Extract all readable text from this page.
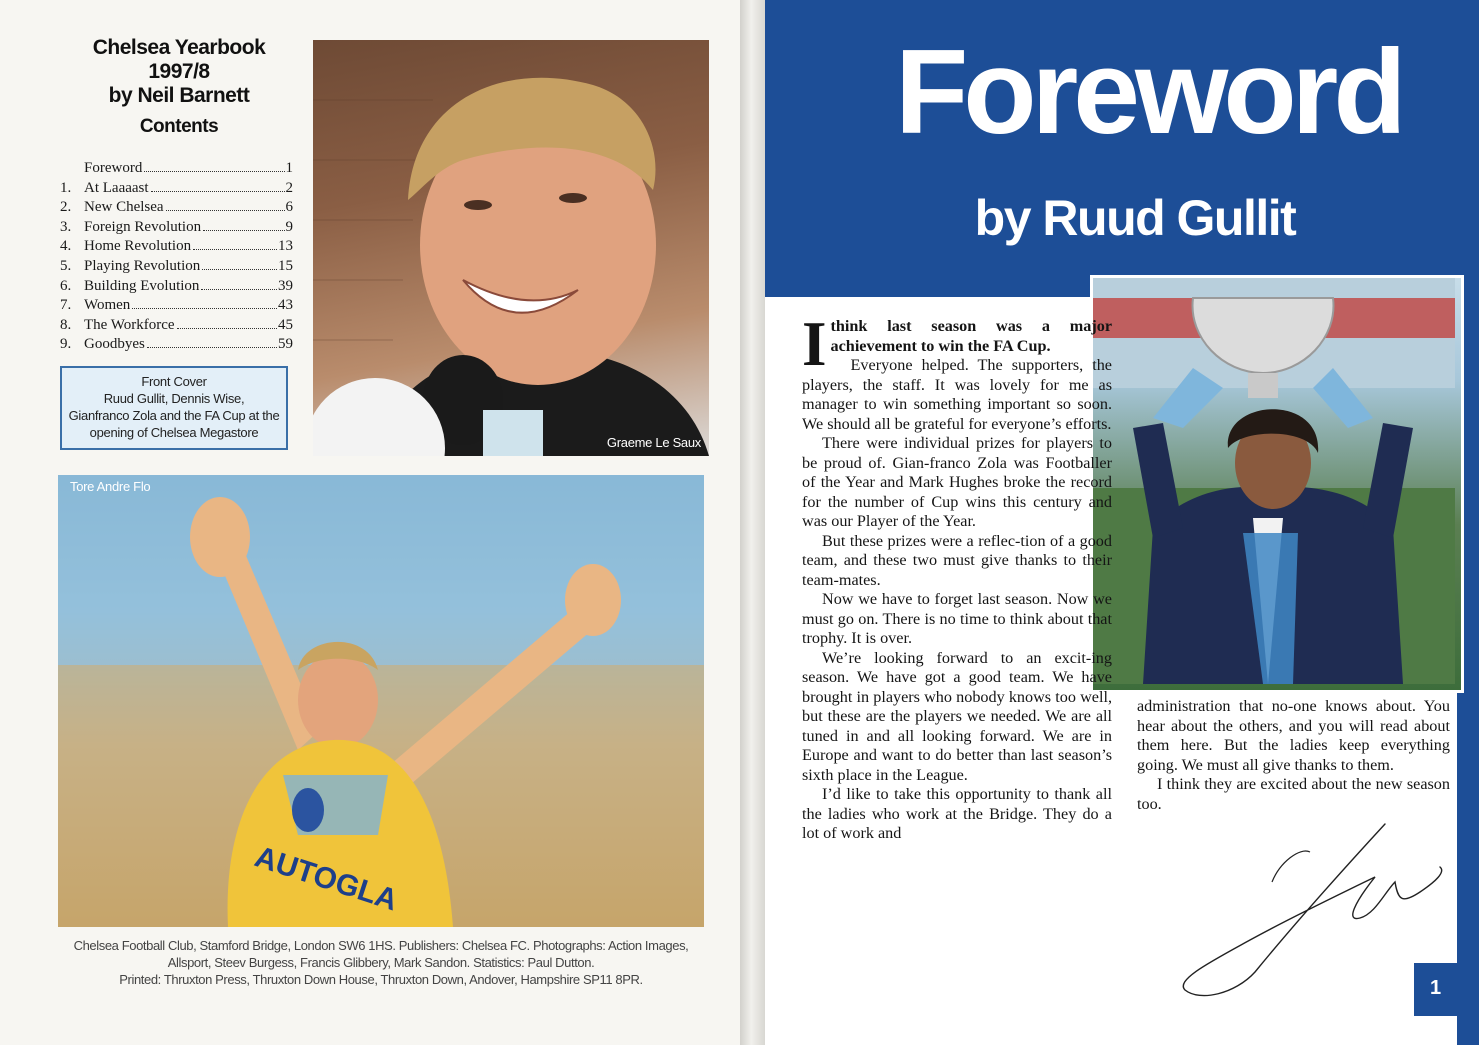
Chelsea Yearbook
1997/8
by Neil Barnett
Contents
Foreword	1
1. At Laaaast	2
2. New Chelsea	6
3. Foreign Revolution	9
4. Home Revolution	13
5. Playing Revolution	15
6. Building Evolution	39
7. Women	43
8. The Workforce	45
9. Goodbyes	59
Front Cover
Ruud Gullit, Dennis Wise,
Gianfranco Zola and the FA Cup at the
opening of Chelsea Megastore
Graeme Le Saux
AUTOGLA
Tore Andre Flo
Chelsea Football Club, Stamford Bridge, London SW6 1HS. Publishers: Chelsea FC. Photographs: Action Images,
Allsport, Steev Burgess, Francis Glibbery, Mark Sandon. Statistics: Paul Dutton.
Printed: Thruxton Press, Thruxton Down House, Thruxton Down, Andover, Hampshire SP11 8PR.
Foreword
by Ruud Gullit

Ithink last season was a major achievement to win the FA Cup.

Everyone helped. The supporters, the players, the staff. It was lovely for me as manager to win something important so soon. We should all be grateful for everyone’s efforts.

There were individual prizes for players to be proud of. Gian-franco Zola was Footballer of the Year and Mark Hughes broke the record for the number of Cup wins this century and was our Player of the Year.

But these prizes were a reflec-tion of a good team, and these two must give thanks to their team-mates.

Now we have to forget last season. Now we must go on. There is no time to think about that trophy. It is over.

We’re looking forward to an excit-ing season. We have got a good team. We have brought in players who nobody knows too well, but these are the players we needed. We are all tuned in and all looking forward. We are in Europe and want to do better than last season’s sixth place in the League.

I’d like to take this opportunity to thank all the ladies who work at the Bridge. They do a lot of work and

administration that no-one knows about. You hear about the others, and you will read about them here. But the ladies keep everything going. We must all give thanks to them.

I think they are excited about the new season too.

1
